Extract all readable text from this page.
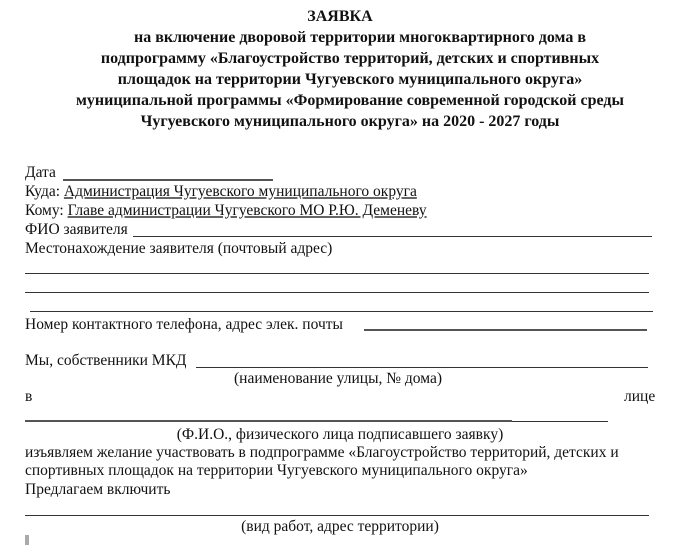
ЗАЯВКА
на включение дворовой территории многоквартирного дома в
подпрограмму «Благоустройство территорий, детских и спортивных
площадок на территории Чугуевского муниципального округа»
муниципальной программы «Формирование современной городской среды
Чугуевского муниципального округа» на 2020 - 2027 годы
Дата
Куда: Администрация Чугуевского муниципального округа
Кому: Главе администрации Чугуевского МО Р.Ю. Деменеву
ФИО заявителя
Местонахождение заявителя (почтовый адрес)
Номер контактного телефона, адрес элек. почты
Мы, собственники МКД
(наименование улицы, № дома)
в	лице
(Ф.И.О., физического лица подписавшего заявку)
изъявляем желание участвовать в подпрограмме «Благоустройство территорий, детских и
спортивных площадок на территории Чугуевского муниципального округа»
Предлагаем включить
(вид работ, адрес территории)
